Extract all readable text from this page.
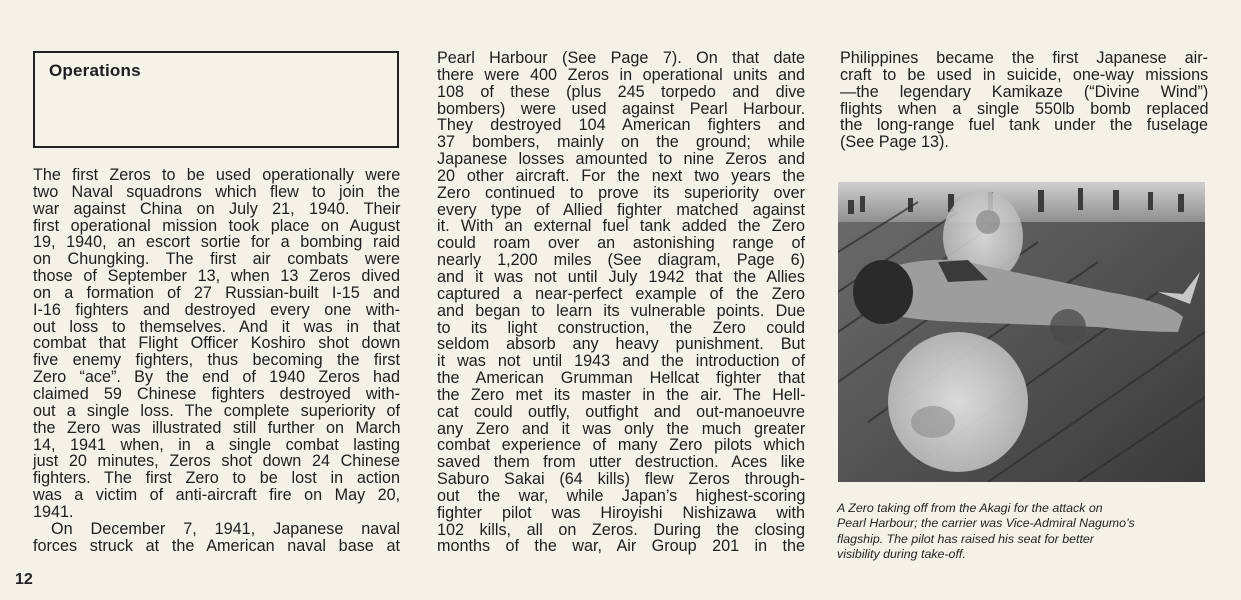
Operations
The first Zeros to be used operationally were
two Naval squadrons which flew to join the
war against China on July 21, 1940. Their
first operational mission took place on August
19, 1940, an escort sortie for a bombing raid
on Chungking. The first air combats were
those of September 13, when 13 Zeros dived
on a formation of 27 Russian-built I-15 and
I-16 fighters and destroyed every one with-
out loss to themselves. And it was in that
combat that Flight Officer Koshiro shot down
five enemy fighters, thus becoming the first
Zero “ace”. By the end of 1940 Zeros had
claimed 59 Chinese fighters destroyed with-
out a single loss. The complete superiority of
the Zero was illustrated still further on March
14, 1941 when, in a single combat lasting
just 20 minutes, Zeros shot down 24 Chinese
fighters. The first Zero to be lost in action
was a victim of anti-aircraft fire on May 20,
1941.
On December 7, 1941, Japanese naval
forces struck at the American naval base at
Pearl Harbour (See Page 7). On that date
there were 400 Zeros in operational units and
108 of these (plus 245 torpedo and dive
bombers) were used against Pearl Harbour.
They destroyed 104 American fighters and
37 bombers, mainly on the ground; while
Japanese losses amounted to nine Zeros and
20 other aircraft. For the next two years the
Zero continued to prove its superiority over
every type of Allied fighter matched against
it. With an external fuel tank added the Zero
could roam over an astonishing range of
nearly 1,200 miles (See diagram, Page 6)
and it was not until July 1942 that the Allies
captured a near-perfect example of the Zero
and began to learn its vulnerable points. Due
to its light construction, the Zero could
seldom absorb any heavy punishment. But
it was not until 1943 and the introduction of
the American Grumman Hellcat fighter that
the Zero met its master in the air. The Hell-
cat could outfly, outfight and out-manoeuvre
any Zero and it was only the much greater
combat experience of many Zero pilots which
saved them from utter destruction. Aces like
Saburo Sakai (64 kills) flew Zeros through-
out the war, while Japan’s highest-scoring
fighter pilot was Hiroyishi Nishizawa with
102 kills, all on Zeros. During the closing
months of the war, Air Group 201 in the
Philippines became the first Japanese air-
craft to be used in suicide, one-way missions
—the legendary Kamikaze (“Divine Wind”)
flights when a single 550lb bomb replaced
the long-range fuel tank under the fuselage
(See Page 13).
A Zero taking off from the Akagi for the attack on
Pearl Harbour; the carrier was Vice-Admiral Nagumo’s
flagship. The pilot has raised his seat for better
visibility during take-off.
12
